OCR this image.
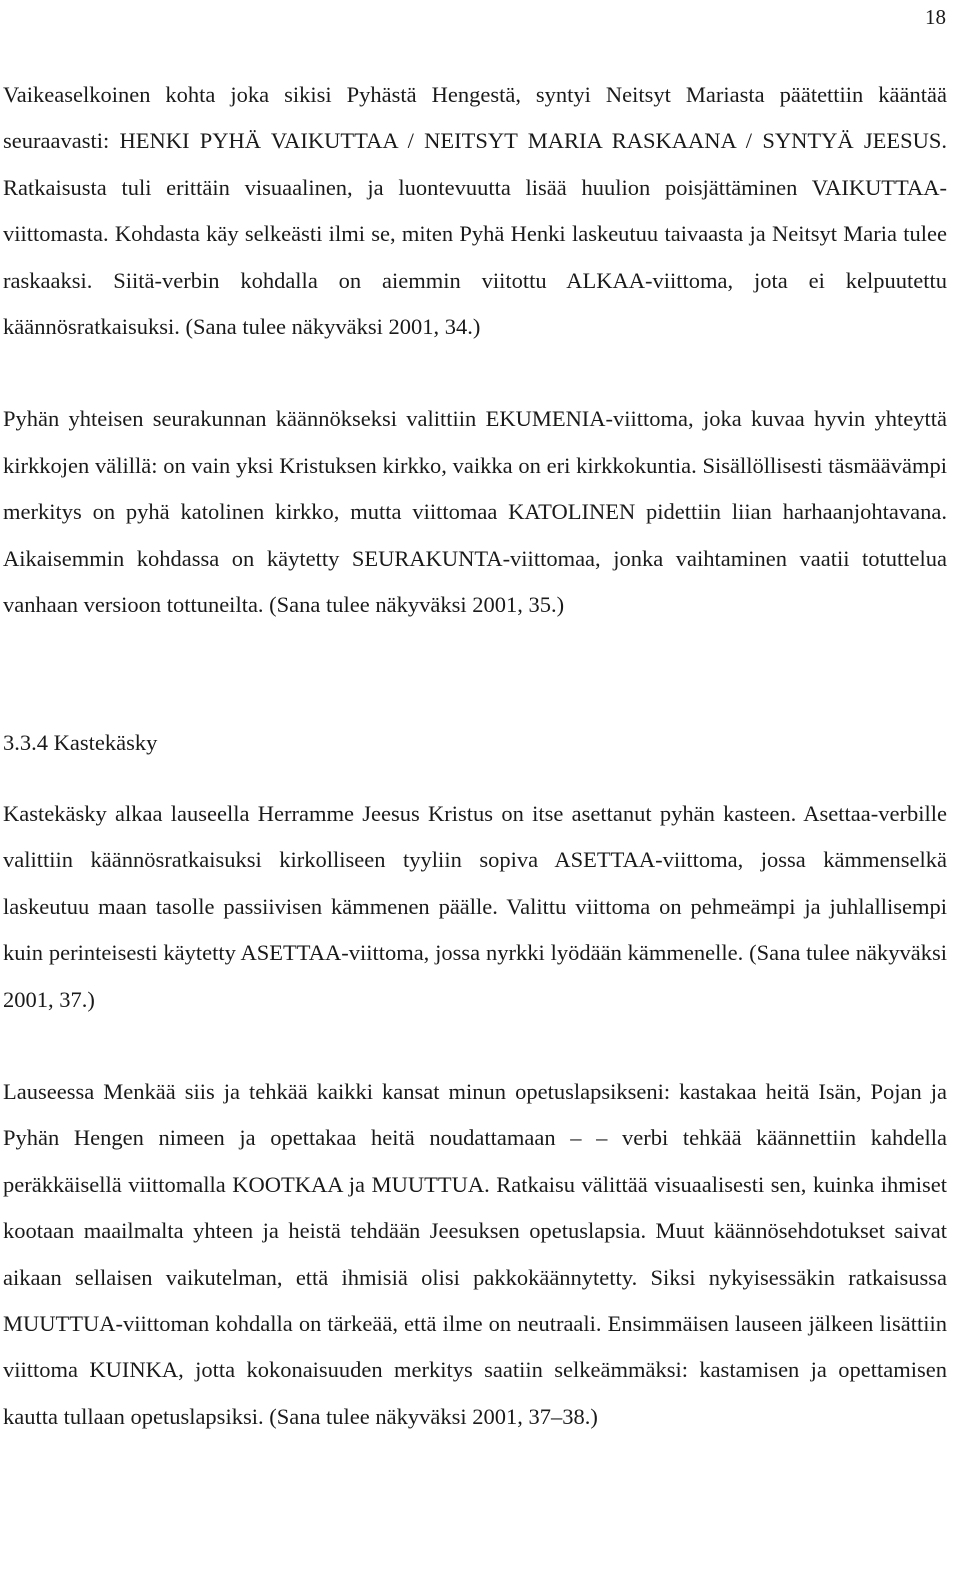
18

Vaikeaselkoinen kohta joka sikisi Pyhästä Hengestä, syntyi Neitsyt Mariasta päätettiin kääntää seuraavasti: HENKI PYHÄ VAIKUTTAA / NEITSYT MARIA RASKAANA / SYNTYÄ JEESUS. Ratkaisusta tuli erittäin visuaalinen, ja luontevuutta lisää huulion poisjättäminen VAIKUTTAA-viittomasta. Kohdasta käy selkeästi ilmi se, miten Pyhä Henki laskeutuu taivaasta ja Neitsyt Maria tulee raskaaksi. Siitä-verbin kohdalla on aiemmin viitottu ALKAA-viittoma, jota ei kelpuutettu käännösratkaisuksi. (Sana tulee näkyväksi 2001, 34.)

Pyhän yhteisen seurakunnan käännökseksi valittiin EKUMENIA-viittoma, joka kuvaa hyvin yhteyttä kirkkojen välillä: on vain yksi Kristuksen kirkko, vaikka on eri kirkkokuntia. Sisällöllisesti täsmäävämpi merkitys on pyhä katolinen kirkko, mutta viittomaa KATOLINEN pidettiin liian harhaanjohtavana. Aikaisemmin kohdassa on käytetty SEURAKUNTA-viittomaa, jonka vaihtaminen vaatii totuttelua vanhaan versioon tottuneilta. (Sana tulee näkyväksi 2001, 35.)

3.3.4 Kastekäsky

Kastekäsky alkaa lauseella Herramme Jeesus Kristus on itse asettanut pyhän kasteen. Asettaa-verbille valittiin käännösratkaisuksi kirkolliseen tyyliin sopiva ASETTAA-viittoma, jossa kämmenselkä laskeutuu maan tasolle passiivisen kämmenen päälle. Valittu viittoma on pehmeämpi ja juhlallisempi kuin perinteisesti käytetty ASETTAA-viittoma, jossa nyrkki lyödään kämmenelle. (Sana tulee näkyväksi 2001, 37.)

Lauseessa Menkää siis ja tehkää kaikki kansat minun opetuslapsikseni: kastakaa heitä Isän, Pojan ja Pyhän Hengen nimeen ja opettakaa heitä noudattamaan – – verbi tehkää käännettiin kahdella peräkkäisellä viittomalla KOOTKAA ja MUUTTUA. Ratkaisu välittää visuaalisesti sen, kuinka ihmiset kootaan maailmalta yhteen ja heistä tehdään Jeesuksen opetuslapsia. Muut käännösehdotukset saivat aikaan sellaisen vaikutelman, että ihmisiä olisi pakkokäännytetty. Siksi nykyisessäkin ratkaisussa MUUTTUA-viittoman kohdalla on tärkeää, että ilme on neutraali. Ensimmäisen lauseen jälkeen lisättiin viittoma KUINKA, jotta kokonaisuuden merkitys saatiin selkeämmäksi: kastamisen ja opettamisen kautta tullaan opetuslapsiksi. (Sana tulee näkyväksi 2001, 37–38.)
